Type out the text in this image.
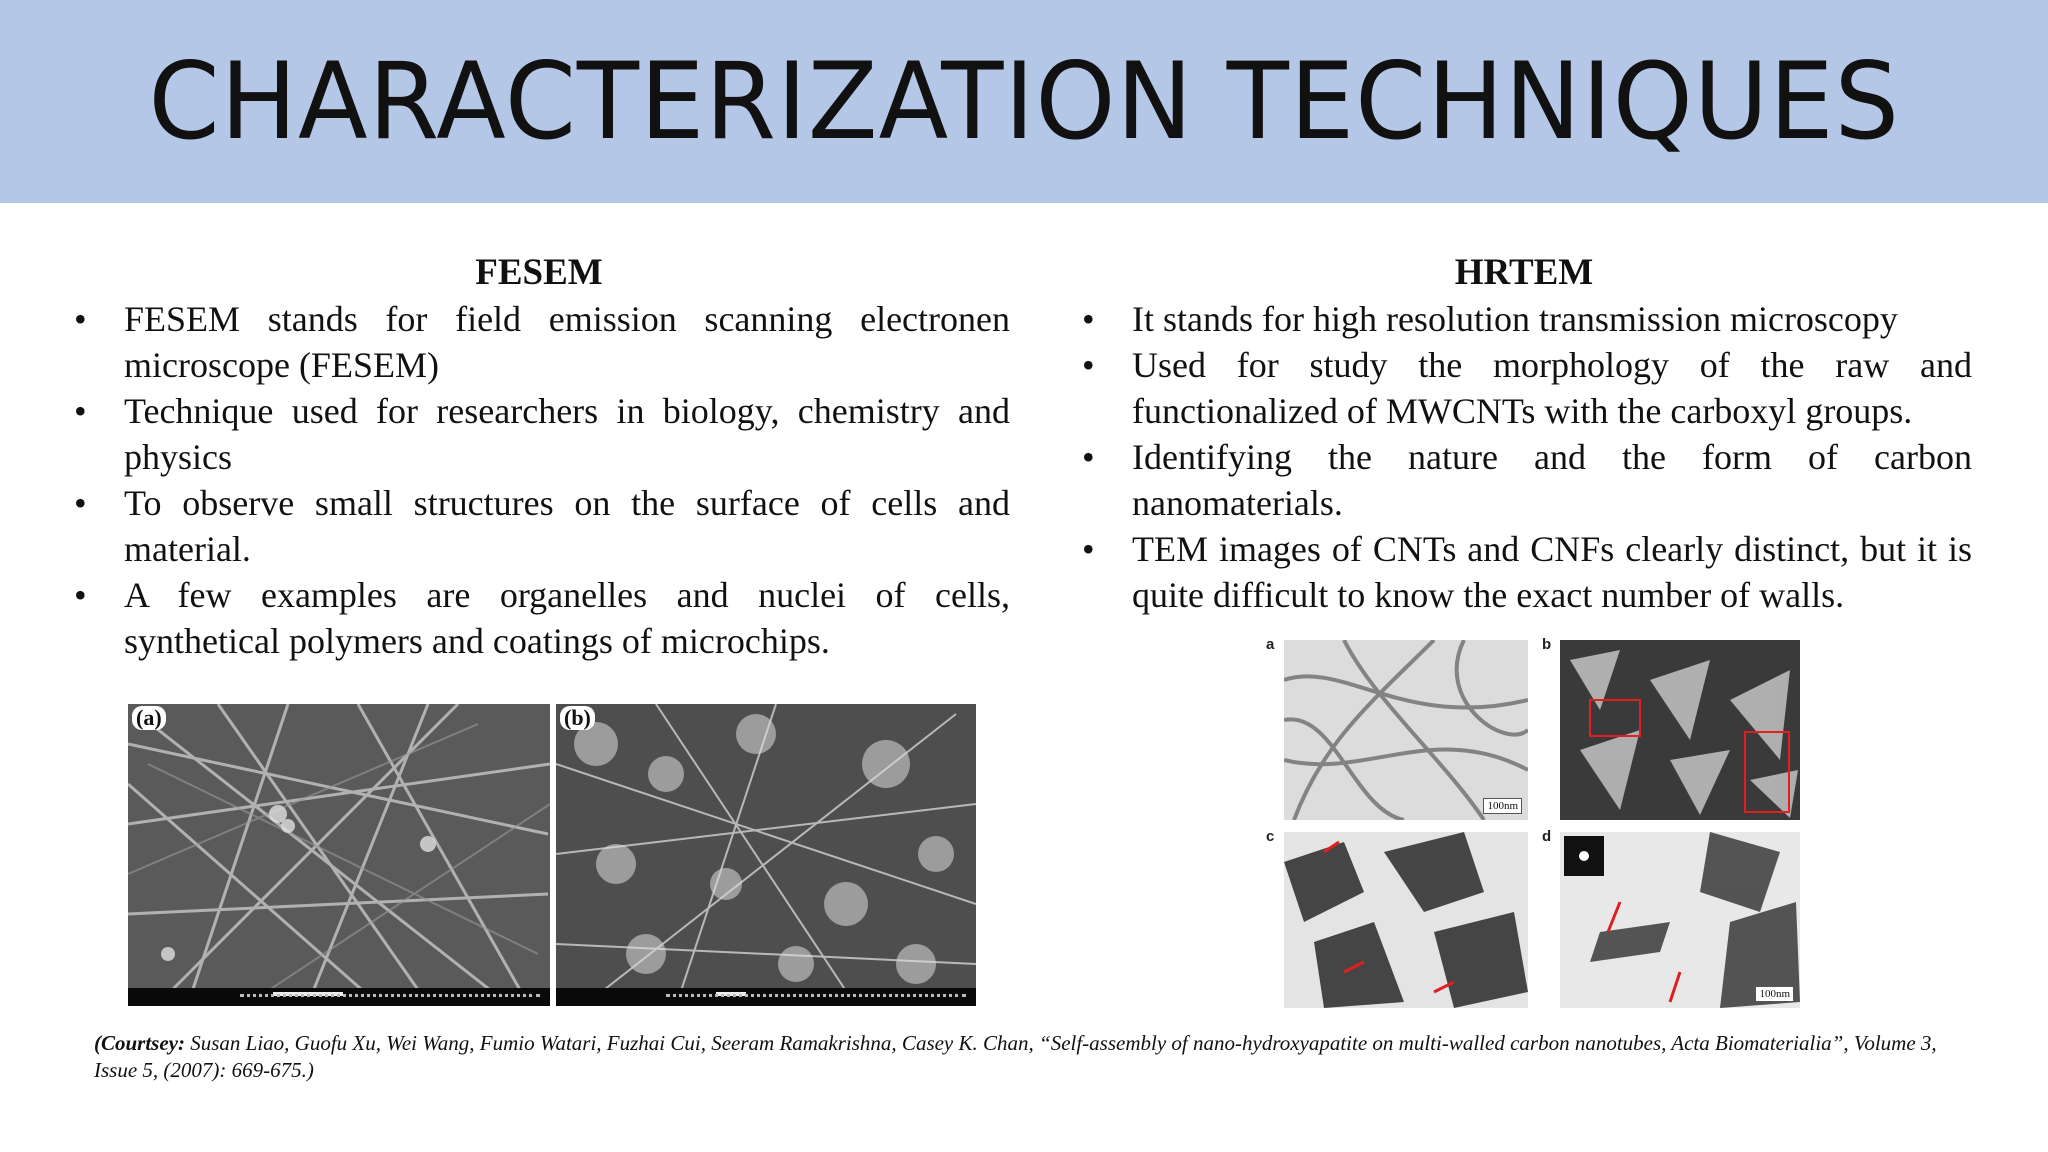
CHARACTERIZATION TECHNIQUES

FESEM

• FESEM stands for field emission scanning electronen microscope (FESEM)
• Technique used for researchers in biology, chemistry and physics
• To observe small structures on the surface of cells and material.
• A few examples are organelles and nuclei of cells, synthetical polymers and coatings of microchips.

HRTEM

• It stands for high resolution transmission microscopy
• Used for study the morphology of the raw and functionalized of MWCNTs with the carboxyl groups.
• Identifying the nature and the form of carbon nanomaterials.
• TEM images of CNTs and CNFs clearly distinct, but it is quite difficult to know the exact number of walls.
(a)	(b)
a	b
c	d
100nm
100nm
(Courtsey: Susan Liao, Guofu Xu, Wei Wang, Fumio Watari, Fuzhai Cui, Seeram Ramakrishna, Casey K. Chan, “Self-assembly of nano-hydroxyapatite on multi-walled carbon nanotubes, Acta Biomaterialia”, Volume 3, Issue 5, (2007): 669-675.)
